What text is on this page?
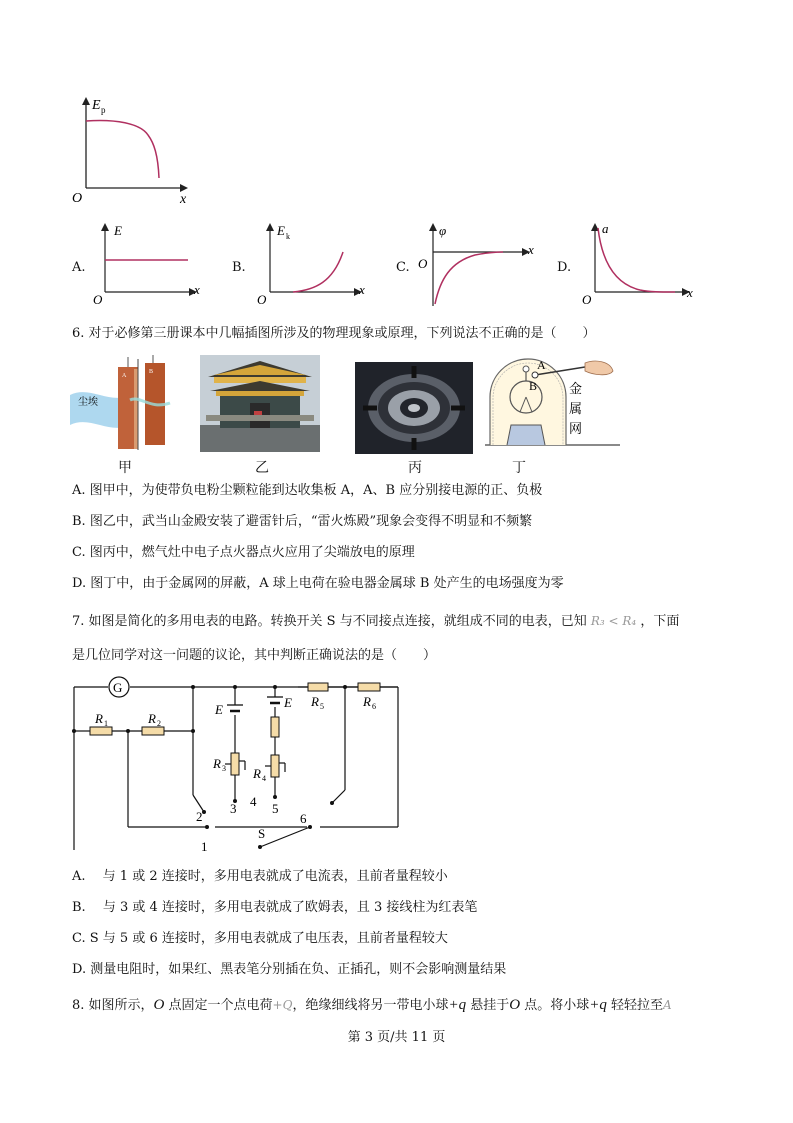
E p
O	x
A.
E
O
x
B.
E k
O
x
C.
φ
O
x
D.
a
O	x
6. 对于必修第三册课本中几幅插图所涉及的物理现象或原理，下列说法不正确的是（　　）
尘埃
A
B	A
B 金
属
网
甲	乙	丙	丁
A. 图甲中，为使带负电粉尘颗粒能到达收集板 A，A、B 应分别接电源的正、负极
B. 图乙中，武当山金殿安装了避雷针后，“雷火炼殿”现象会变得不明显和不频繁
C. 图丙中，燃气灶中电子点火器点火应用了尖端放电的原理
D. 图丁中，由于金属网的屏蔽，A 球上电荷在验电器金属球 B 处产生的电场强度为零
7. 如图是简化的多用电表的电路。转换开关 S 与不同接点连接，就组成不同的电表，已知 R₃ < R₄ ，下面
是几位同学对这一问题的议论，其中判断正确说法的是（　　）
G
R 1	R 2
R 3 R 4
R 5	R 6
E	E
1
2
3 4 5
6
S
A.　 与 1 或 2 连接时，多用电表就成了电流表，且前者量程较小
B.　 与 3 或 4 连接时，多用电表就成了欧姆表，且 3 接线柱为红表笔
C. S 与 5 或 6 连接时，多用电表就成了电压表，且前者量程较大
D. 测量电阻时，如果红、黑表笔分别插在负、正插孔，则不会影响测量结果
8. 如图所示，O 点固定一个点电荷+Q，绝缘细线将另一带电小球+q 悬挂于O 点。将小球+q 轻轻拉至A
第 3 页/共 11 页
